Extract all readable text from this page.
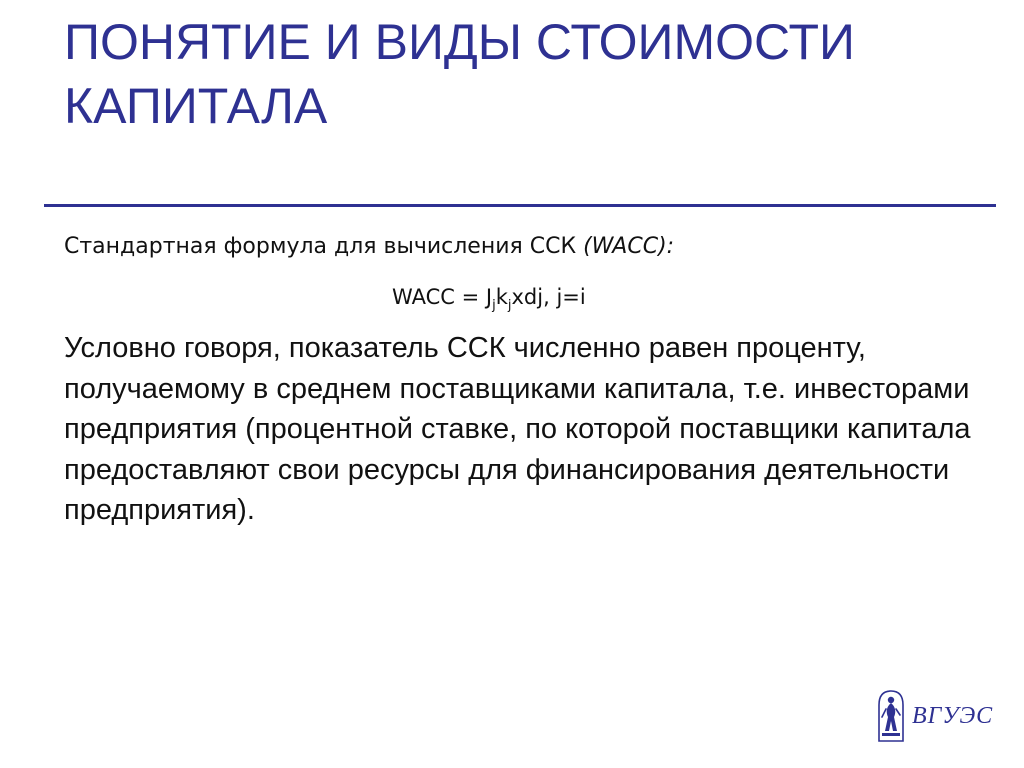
ПОНЯТИЕ И ВИДЫ СТОИМОСТИ
КАПИТАЛА
Стандартная формула для вычисления ССК (WACC):
WACC = $J_jk_jxdj$, j=i

Условно говоря, показатель ССК численно равен проценту, получаемому в среднем поставщиками капитала, т.е. инвесторами предприятия (процентной ставке, по которой поставщики капитала предоставляют свои ресурсы для финансирования деятельности предприятия).

ВГУЭС
